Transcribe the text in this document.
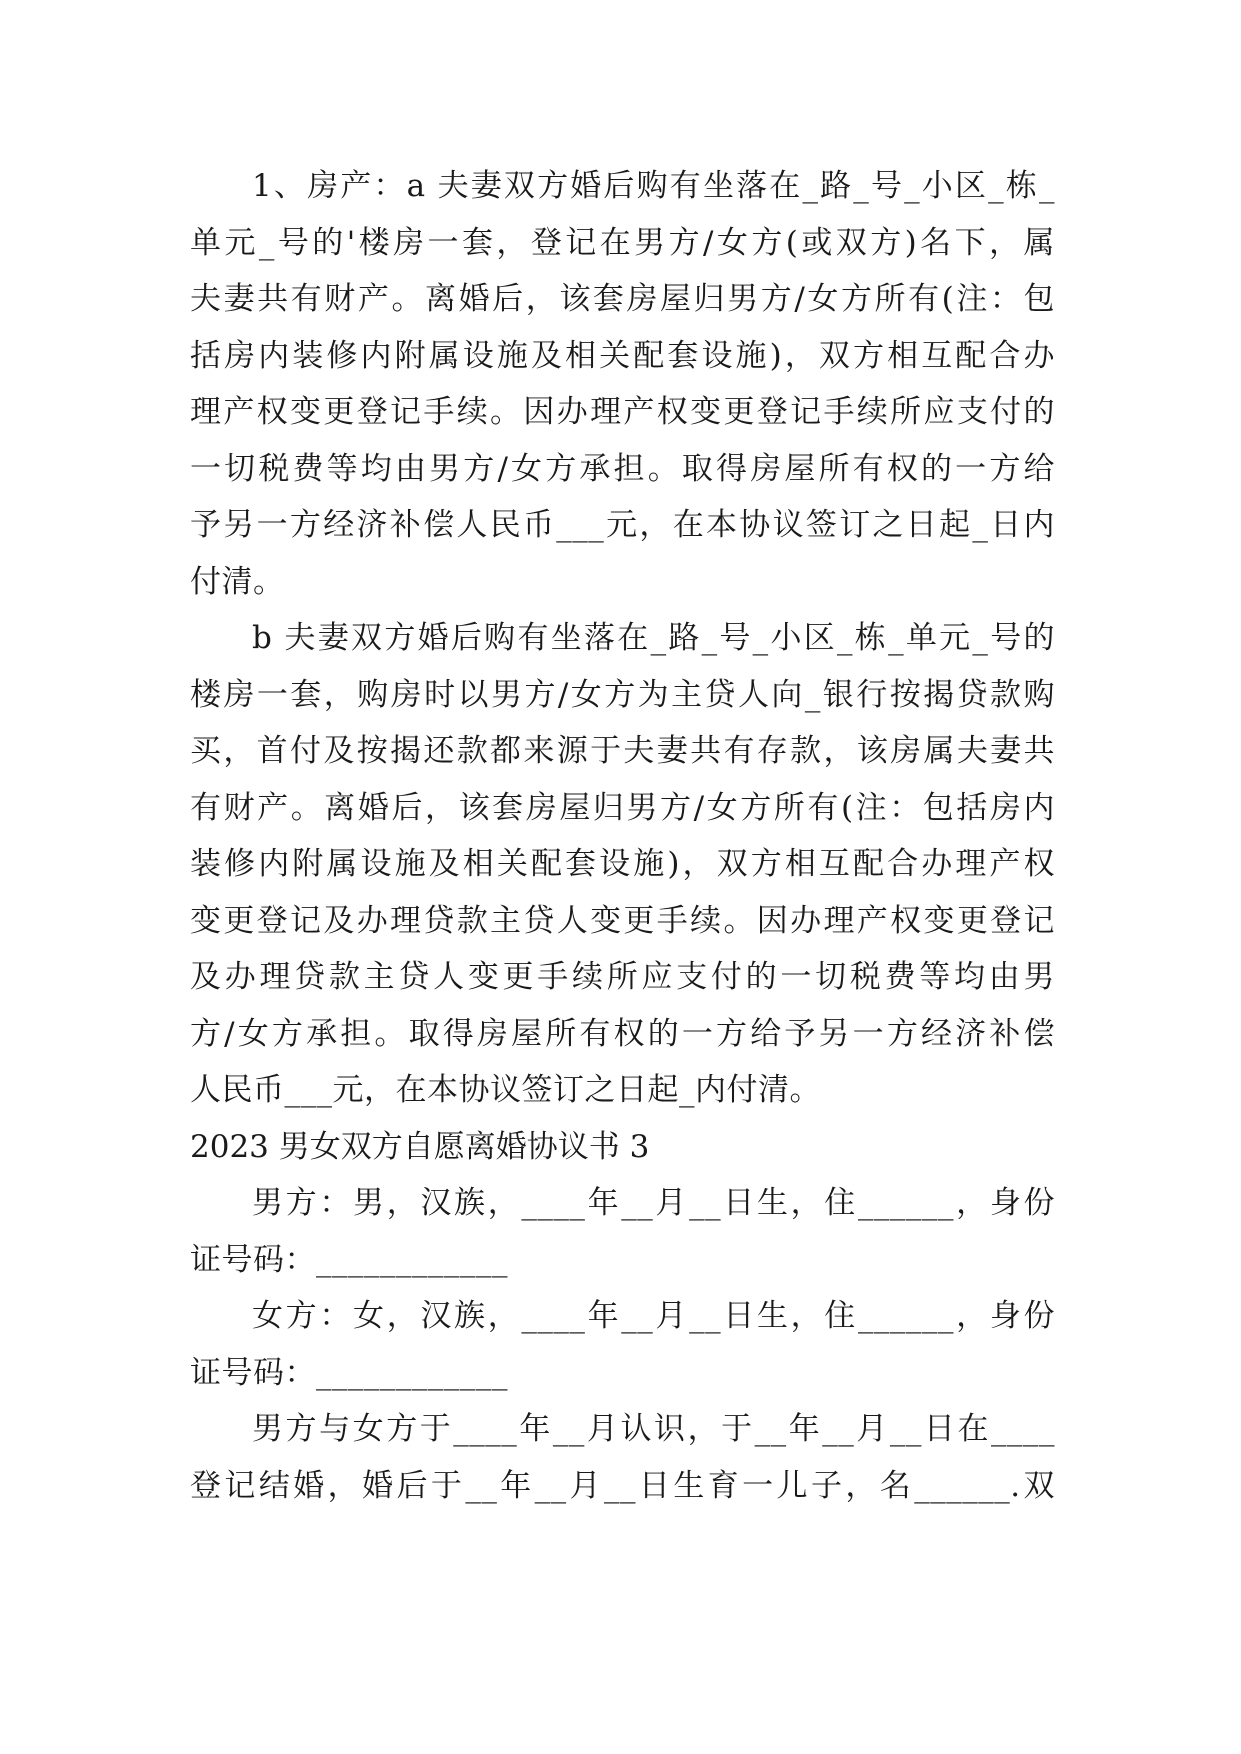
1、房产：a 夫妻双方婚后购有坐落在_路_号_小区_栋_
单元_号的'楼房一套，登记在男方/女方(或双方)名下，属
夫妻共有财产。离婚后，该套房屋归男方/女方所有(注：包
括房内装修内附属设施及相关配套设施)，双方相互配合办
理产权变更登记手续。因办理产权变更登记手续所应支付的
一切税费等均由男方/女方承担。取得房屋所有权的一方给
予另一方经济补偿人民币___元，在本协议签订之日起_日内
付清。
b 夫妻双方婚后购有坐落在_路_号_小区_栋_单元_号的
楼房一套，购房时以男方/女方为主贷人向_银行按揭贷款购
买，首付及按揭还款都来源于夫妻共有存款，该房属夫妻共
有财产。离婚后，该套房屋归男方/女方所有(注：包括房内
装修内附属设施及相关配套设施)，双方相互配合办理产权
变更登记及办理贷款主贷人变更手续。因办理产权变更登记
及办理贷款主贷人变更手续所应支付的一切税费等均由男
方/女方承担。取得房屋所有权的一方给予另一方经济补偿
人民币___元，在本协议签订之日起_内付清。
2023 男女双方自愿离婚协议书 3
男方：男，汉族，____年__月__日生，住______，身份
证号码：____________
女方：女，汉族，____年__月__日生，住______，身份
证号码：____________
男方与女方于____年__月认识，于__年__月__日在____
登记结婚，婚后于__年__月__日生育一儿子，名______.双
